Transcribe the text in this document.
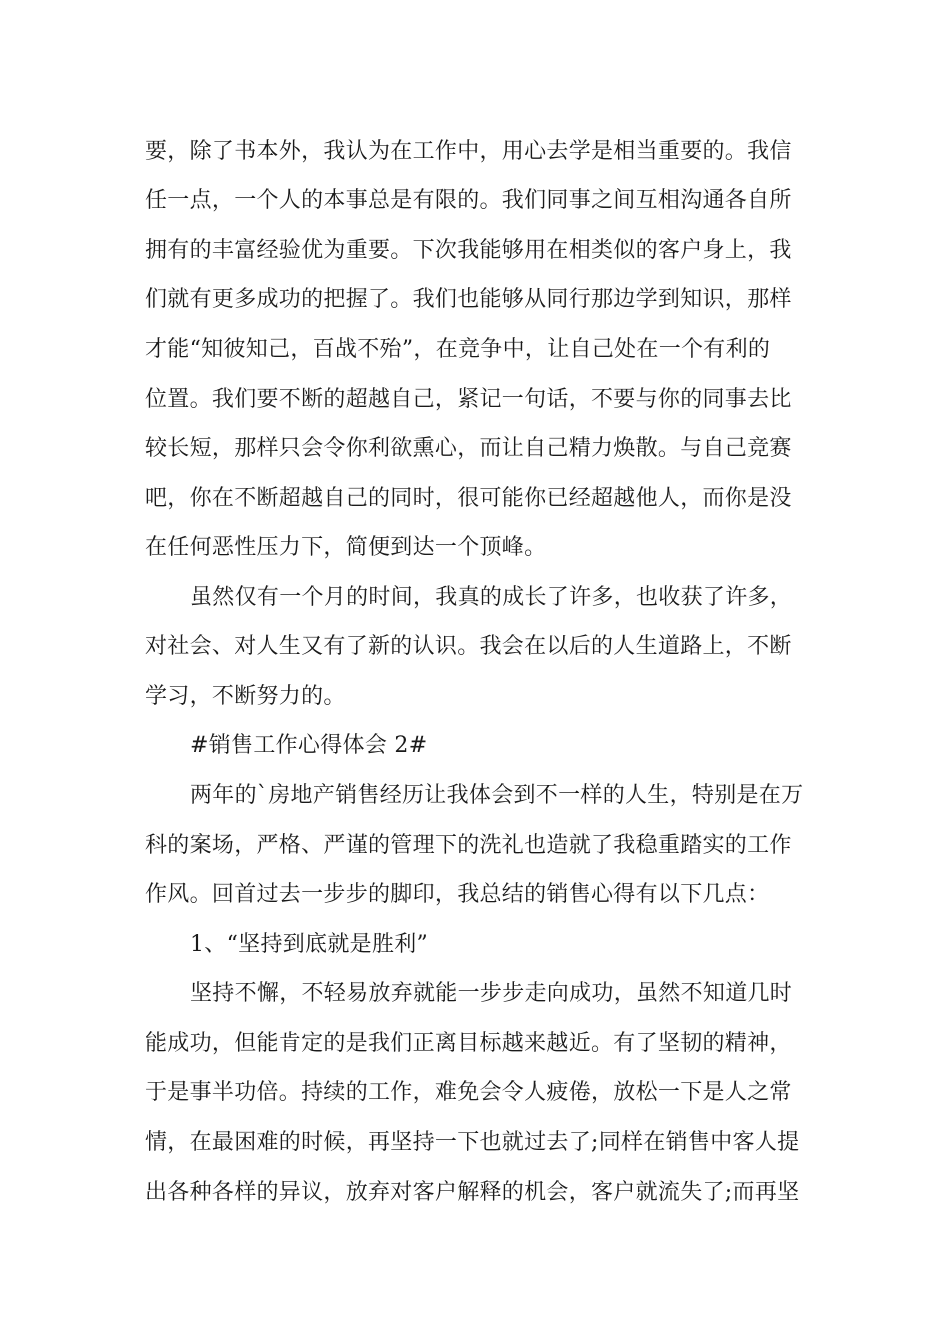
要，除了书本外，我认为在工作中，用心去学是相当重要的。我信
任一点，一个人的本事总是有限的。我们同事之间互相沟通各自所
拥有的丰富经验优为重要。下次我能够用在相类似的客户身上，我
们就有更多成功的把握了。我们也能够从同行那边学到知识，那样
才能“知彼知己，百战不殆”，在竞争中，让自己处在一个有利的
位置。我们要不断的超越自己，紧记一句话，不要与你的同事去比
较长短，那样只会令你利欲熏心，而让自己精力焕散。与自己竞赛
吧，你在不断超越自己的同时，很可能你已经超越他人，而你是没
在任何恶性压力下，简便到达一个顶峰。
虽然仅有一个月的时间，我真的成长了许多，也收获了许多，
对社会、对人生又有了新的认识。我会在以后的人生道路上，不断
学习，不断努力的。
#销售工作心得体会 2#
两年的`房地产销售经历让我体会到不一样的人生，特别是在万
科的案场，严格、严谨的管理下的洗礼也造就了我稳重踏实的工作
作风。回首过去一步步的脚印，我总结的销售心得有以下几点：
1、“坚持到底就是胜利”
坚持不懈，不轻易放弃就能一步步走向成功，虽然不知道几时
能成功，但能肯定的是我们正离目标越来越近。有了坚韧的精神，
于是事半功倍。持续的工作，难免会令人疲倦，放松一下是人之常
情，在最困难的时候，再坚持一下也就过去了;同样在销售中客人提
出各种各样的异议，放弃对客户解释的机会，客户就流失了;而再坚
